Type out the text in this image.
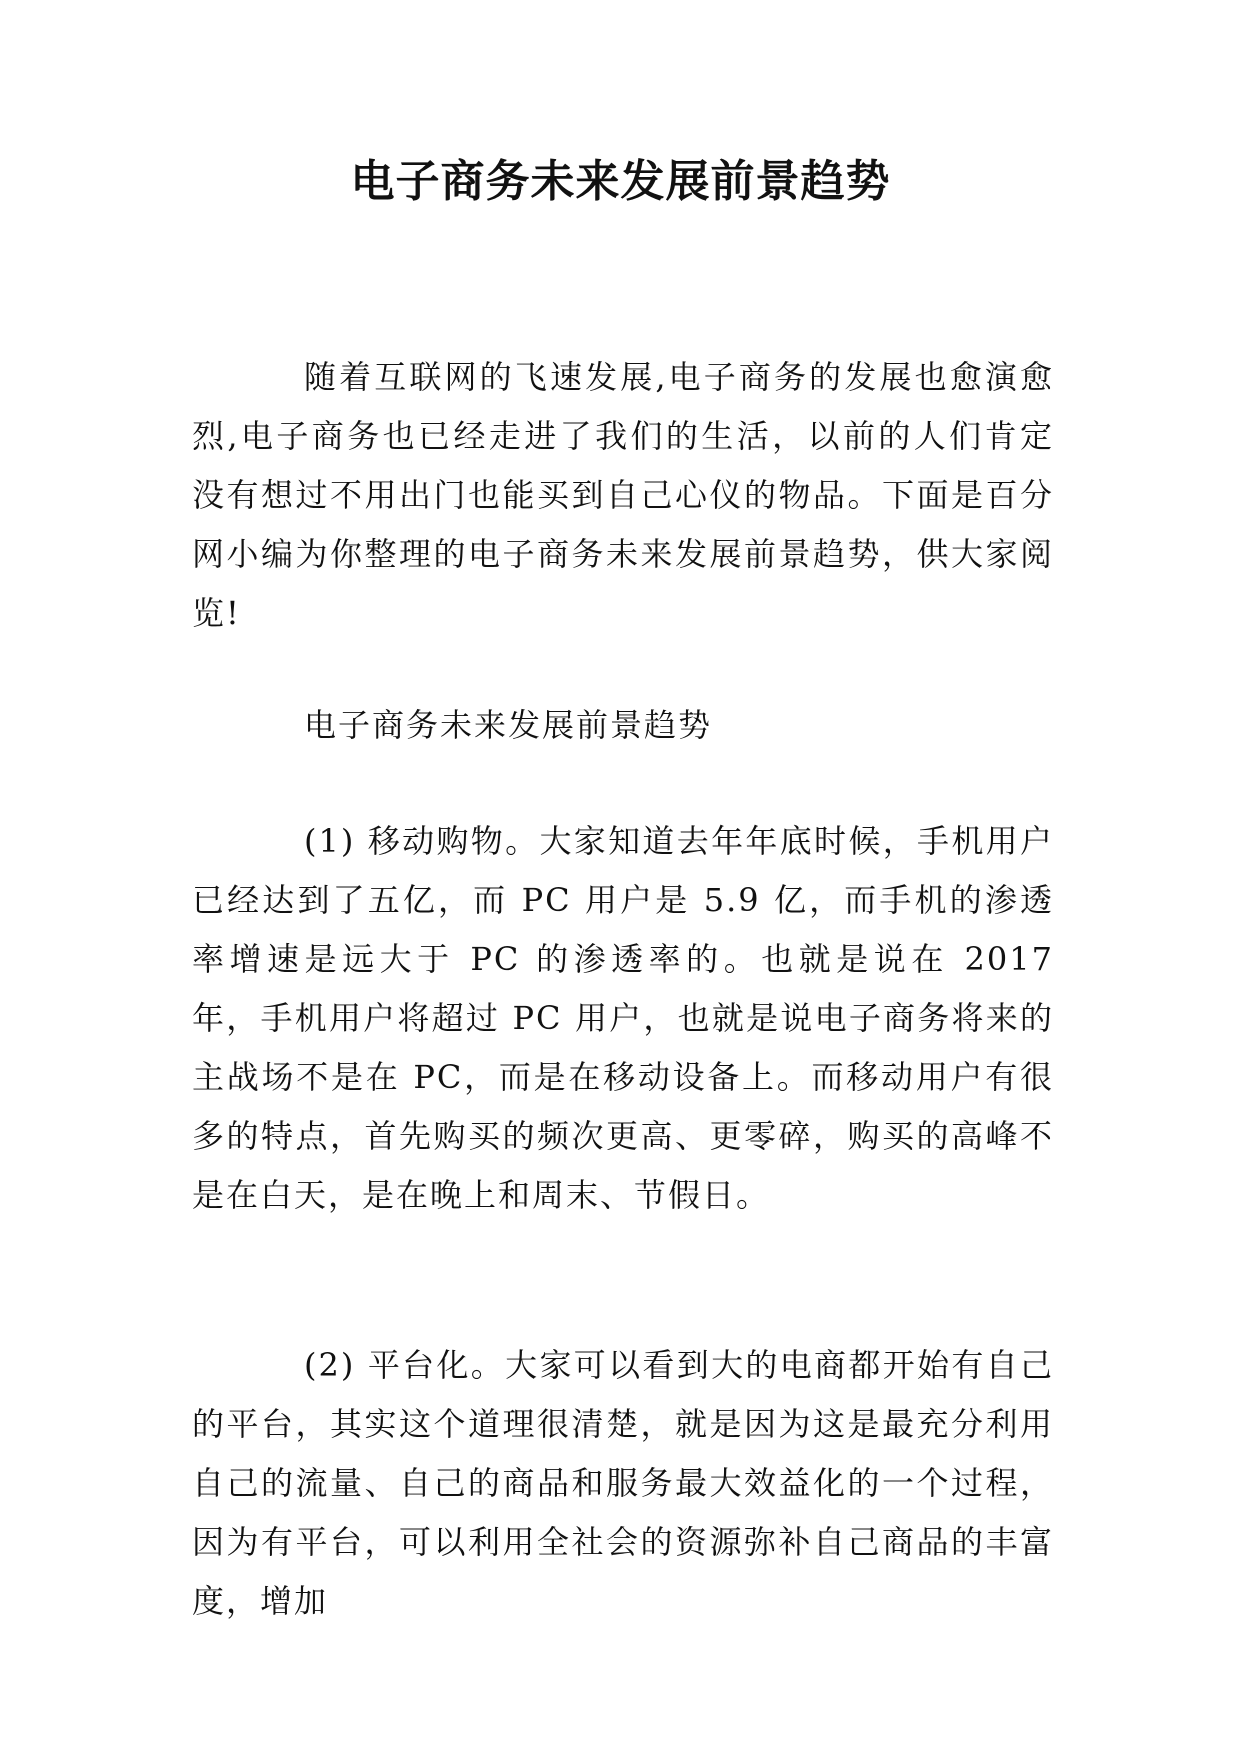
电子商务未来发展前景趋势

随着互联网的飞速发展,电子商务的发展也愈演愈烈,电子商务也已经走进了我们的生活，以前的人们肯定没有想过不用出门也能买到自己心仪的物品。下面是百分网小编为你整理的电子商务未来发展前景趋势，供大家阅览!

电子商务未来发展前景趋势

(1) 移动购物。大家知道去年年底时候，手机用户已经达到了五亿，而 PC 用户是 5.9 亿，而手机的渗透率增速是远大于 PC 的渗透率的。也就是说在 2017 年，手机用户将超过 PC 用户，也就是说电子商务将来的主战场不是在 PC，而是在移动设备上。而移动用户有很多的特点，首先购买的频次更高、更零碎，购买的高峰不是在白天，是在晚上和周末、节假日。

(2) 平台化。大家可以看到大的电商都开始有自己的平台，其实这个道理很清楚，就是因为这是最充分利用自己的流量、自己的商品和服务最大效益化的一个过程，因为有平台，可以利用全社会的资源弥补自己商品的丰富度，增加
